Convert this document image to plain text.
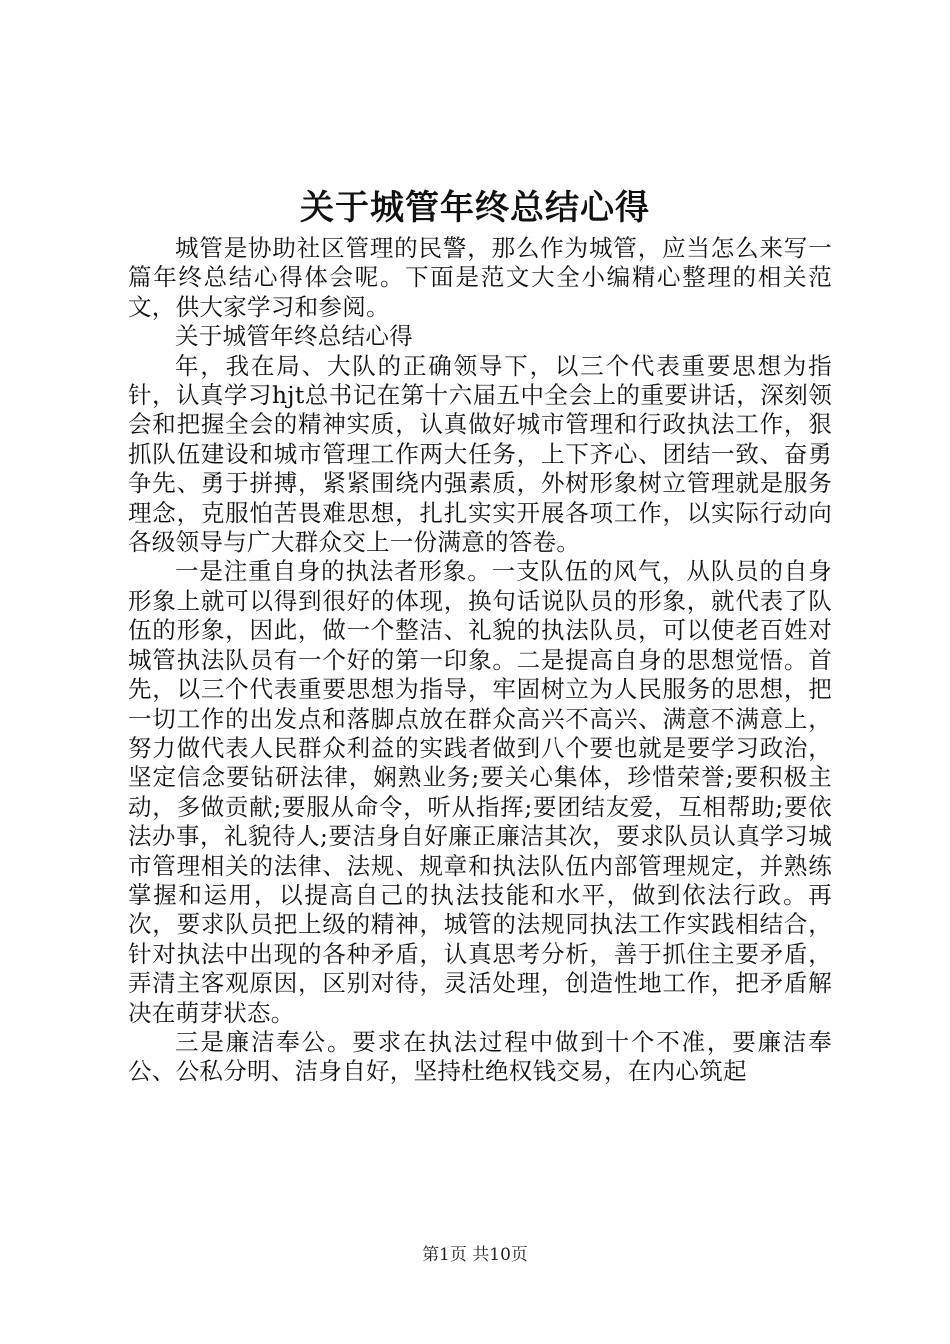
关于城管年终总结心得

城管是协助社区管理的民警，那么作为城管，应当怎么来写一篇年终总结心得体会呢。下面是范文大全小编精心整理的相关范文，供大家学习和参阅。

关于城管年终总结心得

年，我在局、大队的正确领导下，以三个代表重要思想为指针，认真学习hjt总书记在第十六届五中全会上的重要讲话，深刻领会和把握全会的精神实质，认真做好城市管理和行政执法工作，狠抓队伍建设和城市管理工作两大任务，上下齐心、团结一致、奋勇争先、勇于拼搏，紧紧围绕内强素质，外树形象树立管理就是服务理念，克服怕苦畏难思想，扎扎实实开展各项工作，以实际行动向各级领导与广大群众交上一份满意的答卷。

一是注重自身的执法者形象。一支队伍的风气，从队员的自身形象上就可以得到很好的体现，换句话说队员的形象，就代表了队伍的形象，因此，做一个整洁、礼貌的执法队员，可以使老百姓对城管执法队员有一个好的第一印象。二是提高自身的思想觉悟。首先，以三个代表重要思想为指导，牢固树立为人民服务的思想，把一切工作的出发点和落脚点放在群众高兴不高兴、满意不满意上，努力做代表人民群众利益的实践者做到八个要也就是要学习政治，坚定信念要钻研法律，娴熟业务;要关心集体，珍惜荣誉;要积极主动，多做贡献;要服从命令，听从指挥;要团结友爱，互相帮助;要依法办事，礼貌待人;要洁身自好廉正廉洁其次，要求队员认真学习城市管理相关的法律、法规、规章和执法队伍内部管理规定，并熟练掌握和运用，以提高自己的执法技能和水平，做到依法行政。再次，要求队员把上级的精神，城管的法规同执法工作实践相结合，针对执法中出现的各种矛盾，认真思考分析，善于抓住主要矛盾，弄清主客观原因，区别对待，灵活处理，创造性地工作，把矛盾解决在萌芽状态。

三是廉洁奉公。要求在执法过程中做到十个不准，要廉洁奉公、公私分明、洁身自好，坚持杜绝权钱交易，在内心筑起

第1页 共10页
